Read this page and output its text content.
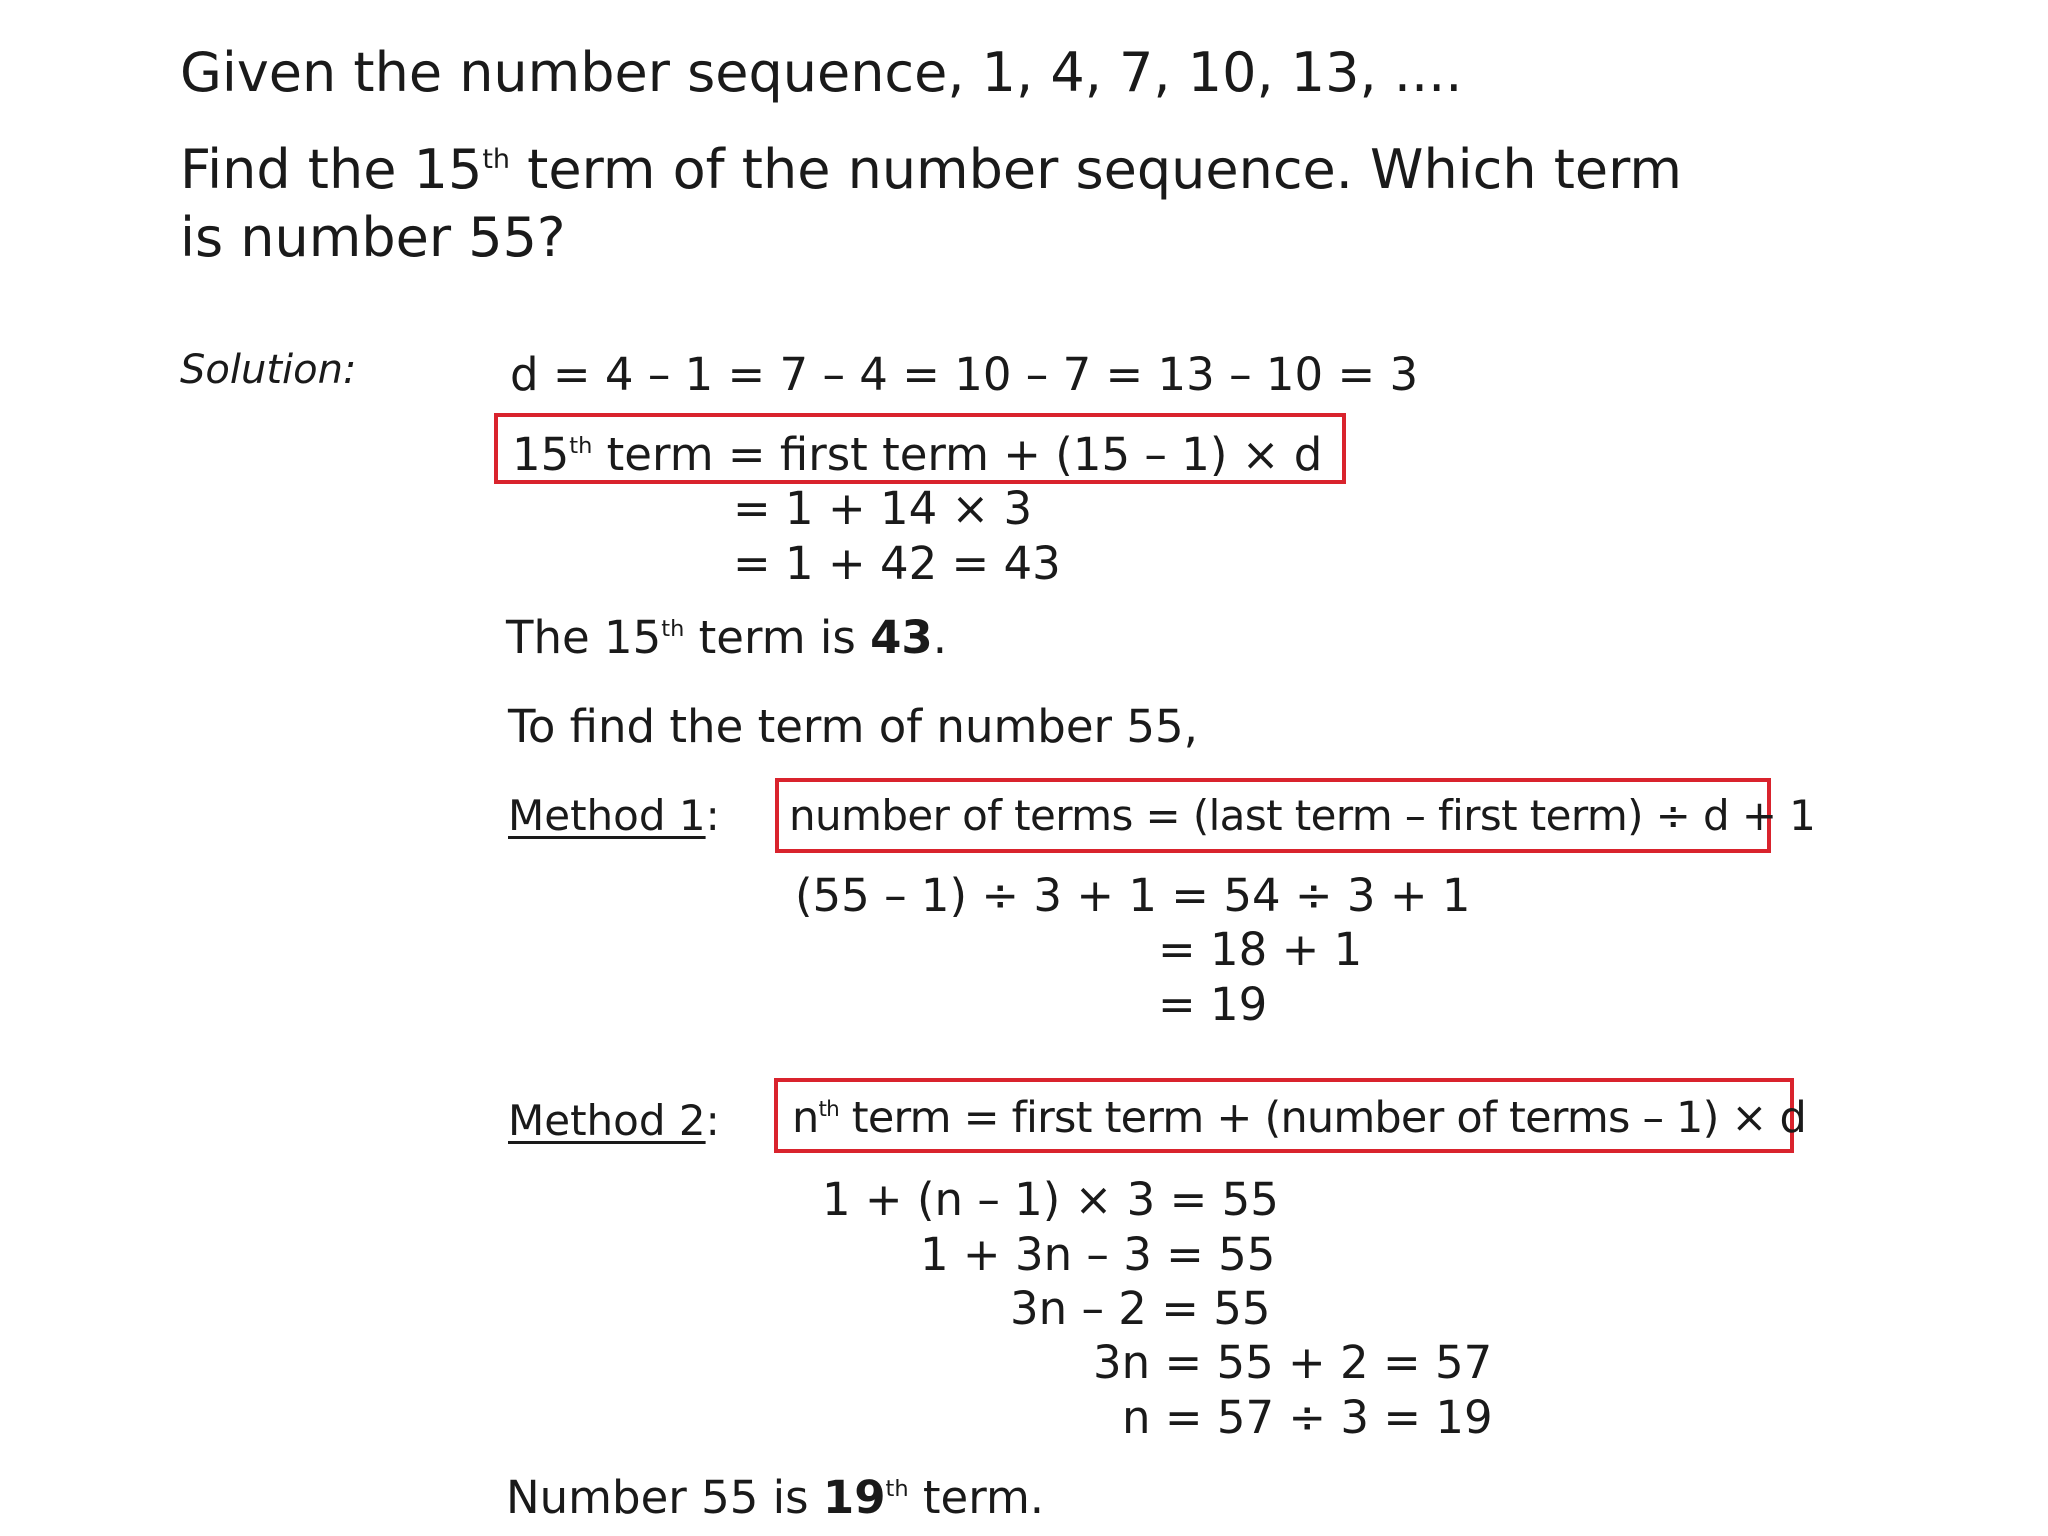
Given the number sequence, 1, 4, 7, 10, 13, ....
Find the 15th term of the number sequence. Which term
is number 55?
Solution:	d = 4 – 1 = 7 – 4 = 10 – 7 = 13 – 10 = 3
15th term = first term + (15 – 1) × d
= 1 + 14 × 3
= 1 + 42 = 43
The 15th term is 43.
To find the term of number 55,
Method 1: number of terms = (last term – first term) ÷ d + 1
(55 – 1) ÷ 3 + 1 = 54 ÷ 3 + 1
= 18 + 1
= 19
Method 2: $n^{th}$ term = first term + (number of terms – 1) × d
1 + (n – 1) × 3 = 55
1 + 3n – 3 = 55
3n – 2 = 55
3n = 55 + 2 = 57
n = 57 ÷ 3 = 19
Number 55 is 19th term.
